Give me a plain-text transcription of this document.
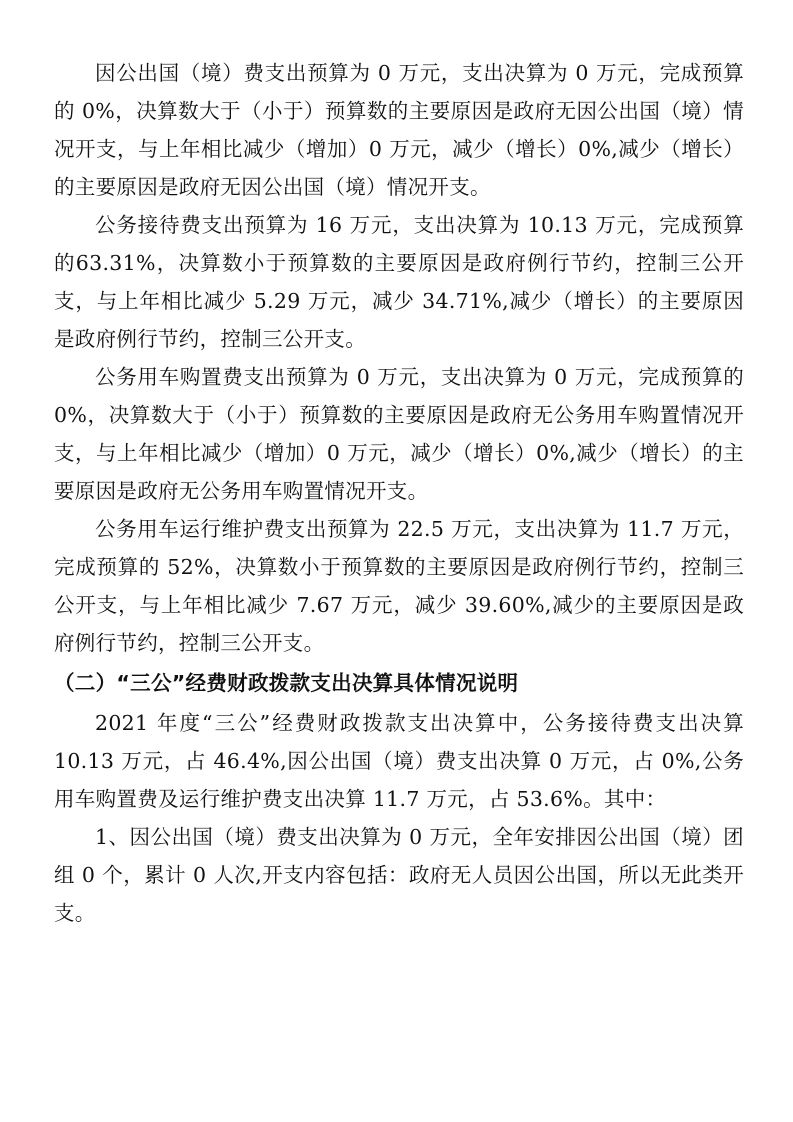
因公出国（境）费支出预算为 0 万元，支出决算为 0 万元，完成预算的 0%，决算数大于（小于）预算数的主要原因是政府无因公出国（境）情况开支，与上年相比减少（增加）0 万元，减少（增长）0%,减少（增长）的主要原因是政府无因公出国（境）情况开支。

公务接待费支出预算为 16 万元，支出决算为 10.13 万元，完成预算的63.31%，决算数小于预算数的主要原因是政府例行节约，控制三公开支，与上年相比减少 5.29 万元，减少 34.71%,减少（增长）的主要原因是政府例行节约，控制三公开支。

公务用车购置费支出预算为 0 万元，支出决算为 0 万元，完成预算的0%，决算数大于（小于）预算数的主要原因是政府无公务用车购置情况开支，与上年相比减少（增加）0 万元，减少（增长）0%,减少（增长）的主要原因是政府无公务用车购置情况开支。

公务用车运行维护费支出预算为 22.5 万元，支出决算为 11.7 万元，完成预算的 52%，决算数小于预算数的主要原因是政府例行节约，控制三公开支，与上年相比减少 7.67 万元，减少 39.60%,减少的主要原因是政府例行节约，控制三公开支。

（二）“三公”经费财政拨款支出决算具体情况说明

2021 年度“三公”经费财政拨款支出决算中，公务接待费支出决算10.13 万元，占 46.4%,因公出国（境）费支出决算 0 万元，占 0%,公务用车购置费及运行维护费支出决算 11.7 万元，占 53.6%。其中：

1、因公出国（境）费支出决算为 0 万元，全年安排因公出国（境）团组 0 个，累计 0 人次,开支内容包括：政府无人员因公出国，所以无此类开支。
